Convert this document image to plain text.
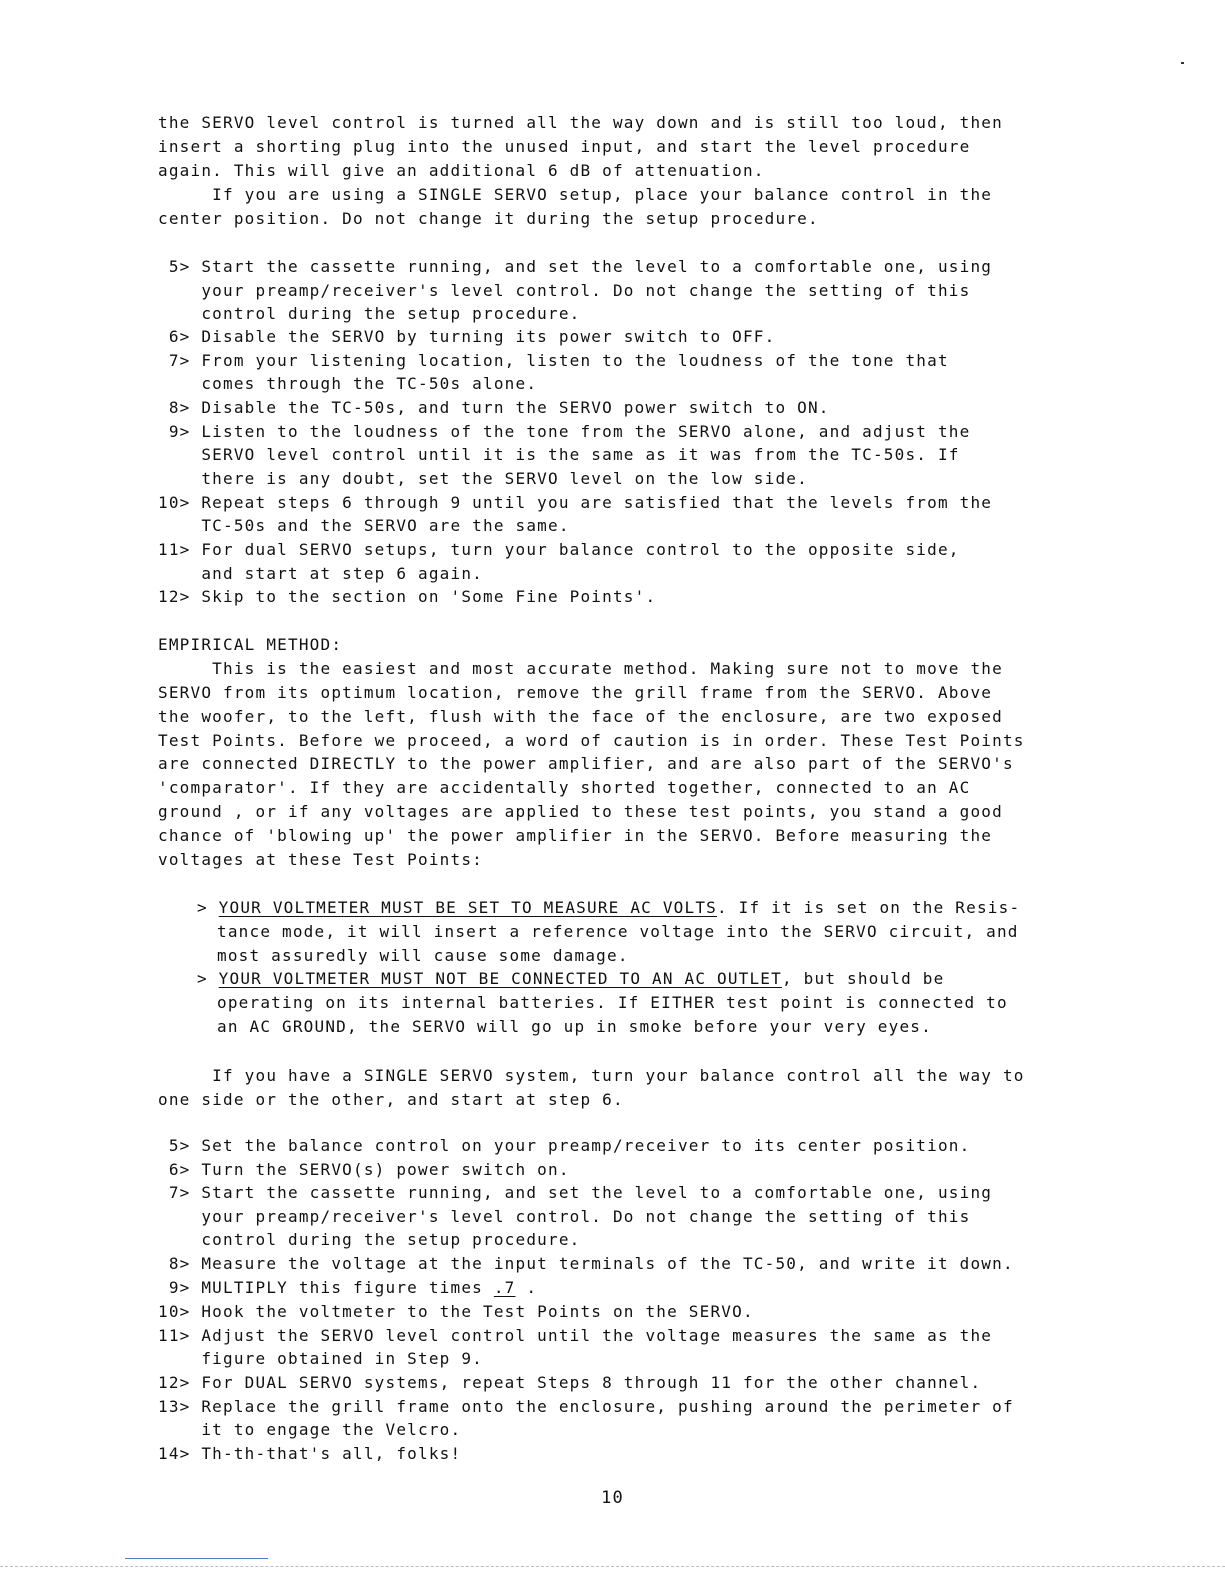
the SERVO level control is turned all the way down and is still too loud, then
insert a shorting plug into the unused input, and start the level procedure
again. This will give an additional 6 dB of attenuation.
If you are using a SINGLE SERVO setup, place your balance control in the
center position. Do not change it during the setup procedure.
5> Start the cassette running, and set the level to a comfortable one, using
your preamp/receiver's level control. Do not change the setting of this
control during the setup procedure.
6> Disable the SERVO by turning its power switch to OFF.
7> From your listening location, listen to the loudness of the tone that
comes through the TC-50s alone.
8> Disable the TC-50s, and turn the SERVO power switch to ON.
9> Listen to the loudness of the tone from the SERVO alone, and adjust the
SERVO level control until it is the same as it was from the TC-50s. If
there is any doubt, set the SERVO level on the low side.
10> Repeat steps 6 through 9 until you are satisfied that the levels from the
TC-50s and the SERVO are the same.
11> For dual SERVO setups, turn your balance control to the opposite side,
and start at step 6 again.
12> Skip to the section on 'Some Fine Points'.
EMPIRICAL METHOD:
This is the easiest and most accurate method. Making sure not to move the
SERVO from its optimum location, remove the grill frame from the SERVO. Above
the woofer, to the left, flush with the face of the enclosure, are two exposed
Test Points. Before we proceed, a word of caution is in order. These Test Points
are connected DIRECTLY to the power amplifier, and are also part of the SERVO's
'comparator'. If they are accidentally shorted together, connected to an AC
ground , or if any voltages are applied to these test points, you stand a good
chance of 'blowing up' the power amplifier in the SERVO. Before measuring the
voltages at these Test Points:
> YOUR VOLTMETER MUST BE SET TO MEASURE AC VOLTS. If it is set on the Resis-
tance mode, it will insert a reference voltage into the SERVO circuit, and
most assuredly will cause some damage.
> YOUR VOLTMETER MUST NOT BE CONNECTED TO AN AC OUTLET, but should be
operating on its internal batteries. If EITHER test point is connected to
an AC GROUND, the SERVO will go up in smoke before your very eyes.
If you have a SINGLE SERVO system, turn your balance control all the way to
one side or the other, and start at step 6.
5> Set the balance control on your preamp/receiver to its center position.
6> Turn the SERVO(s) power switch on.
7> Start the cassette running, and set the level to a comfortable one, using
your preamp/receiver's level control. Do not change the setting of this
control during the setup procedure.
8> Measure the voltage at the input terminals of the TC-50, and write it down.
9> MULTIPLY this figure times .7 .
10> Hook the voltmeter to the Test Points on the SERVO.
11> Adjust the SERVO level control until the voltage measures the same as the
figure obtained in Step 9.
12> For DUAL SERVO systems, repeat Steps 8 through 11 for the other channel.
13> Replace the grill frame onto the enclosure, pushing around the perimeter of
it to engage the Velcro.
14> Th-th-that's all, folks!
10
